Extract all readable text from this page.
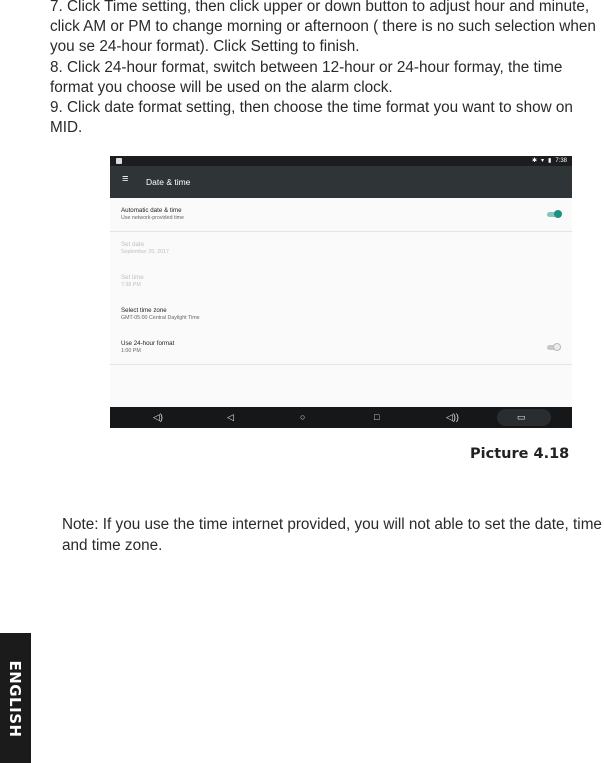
7. Click Time setting, then click upper or down button to adjust hour and minute, click AM or PM to change morning or afternoon ( there is no such selection when you se 24-hour format). Click Setting to finish.

8. Click 24-hour format, switch between 12-hour or 24-hour formay, the time format you choose will be used on the alarm clock.

9. Click date format setting, then choose the time format you want to show on MID.

✱ ▾ ▮ 7:38
≡ Date & time
Automatic date & time
Use network-provided time
Set date
September 20, 2017
Set time
7:38 PM
Select time zone
GMT-05:00 Central Daylight Time
Use 24-hour format
1:00 PM
◁)	◁	○	□	◁))	▭
Picture 4.18

Note: If you use the time internet provided, you will not able to set the date, time and time zone.

ENGLISH
